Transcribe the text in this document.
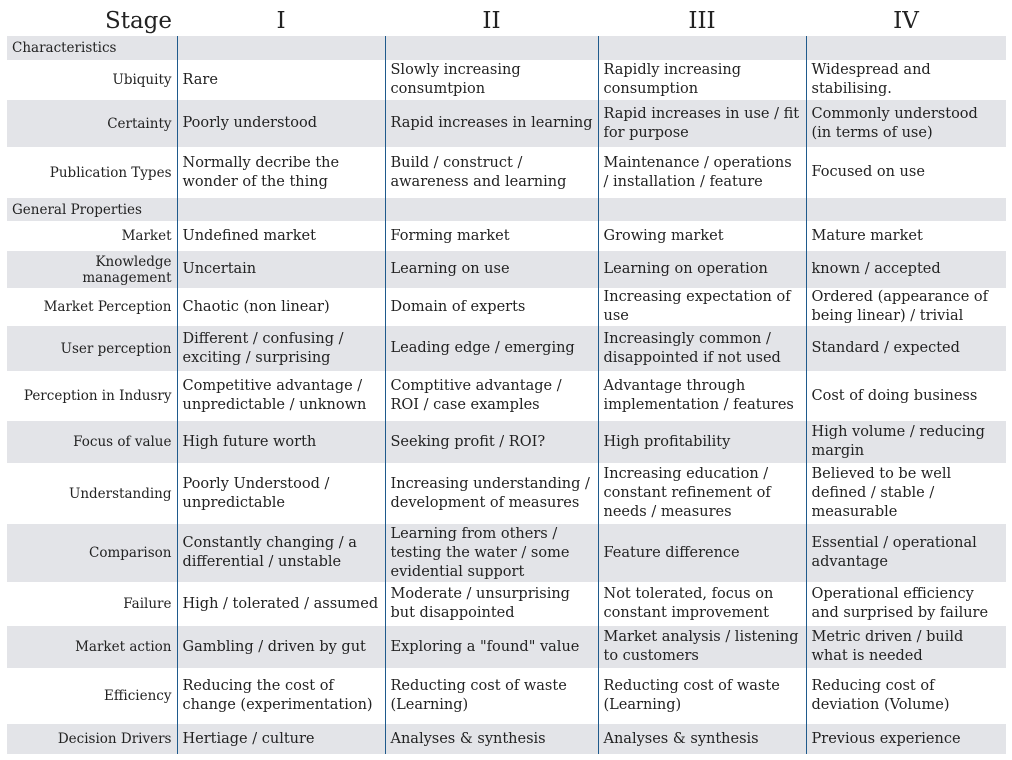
Stage	I	II	III	IV
Characteristics				
Ubiquity	Rare	Slowly increasing consumtpion	Rapidly increasing consumption	Widespread and stabilising.
Certainty	Poorly understood	Rapid increases in learning	Rapid increases in use / fit for purpose	Commonly understood (in terms of use)
Publication Types	Normally decribe the wonder of the thing	Build / construct / awareness and learning	Maintenance / operations / installation / feature	Focused on use
General Properties				
Market	Undefined market	Forming market	Growing market	Mature market
Knowledge management	Uncertain	Learning on use	Learning on operation	known / accepted
Market Perception	Chaotic (non linear)	Domain of experts	Increasing expectation of use	Ordered (appearance of being linear) / trivial
User perception	Different / confusing / exciting / surprising	Leading edge / emerging	Increasingly common / disappointed if not used	Standard / expected
Perception in Indusry	Competitive advantage / unpredictable / unknown	Comptitive advantage / ROI / case examples	Advantage through implementation / features	Cost of doing business
Focus of value	High future worth	Seeking profit / ROI?	High profitability	High volume / reducing margin
Understanding	Poorly Understood / unpredictable	Increasing understanding / development of measures	Increasing education / constant refinement of needs / measures	Believed to be well defined / stable / measurable
Comparison	Constantly changing / a differential / unstable	Learning from others / testing the water / some evidential support	Feature difference	Essential / operational advantage
Failure	High / tolerated / assumed	Moderate / unsurprising but disappointed	Not tolerated, focus on constant improvement	Operational efficiency and surprised by failure
Market action	Gambling / driven by gut	Exploring a "found" value	Market analysis / listening to customers	Metric driven / build what is needed
Efficiency	Reducing the cost of change (experimentation)	Reducting cost of waste (Learning)	Reducting cost of waste (Learning)	Reducing cost of deviation (Volume)
Decision Drivers	Hertiage / culture	Analyses & synthesis	Analyses & synthesis	Previous experience
